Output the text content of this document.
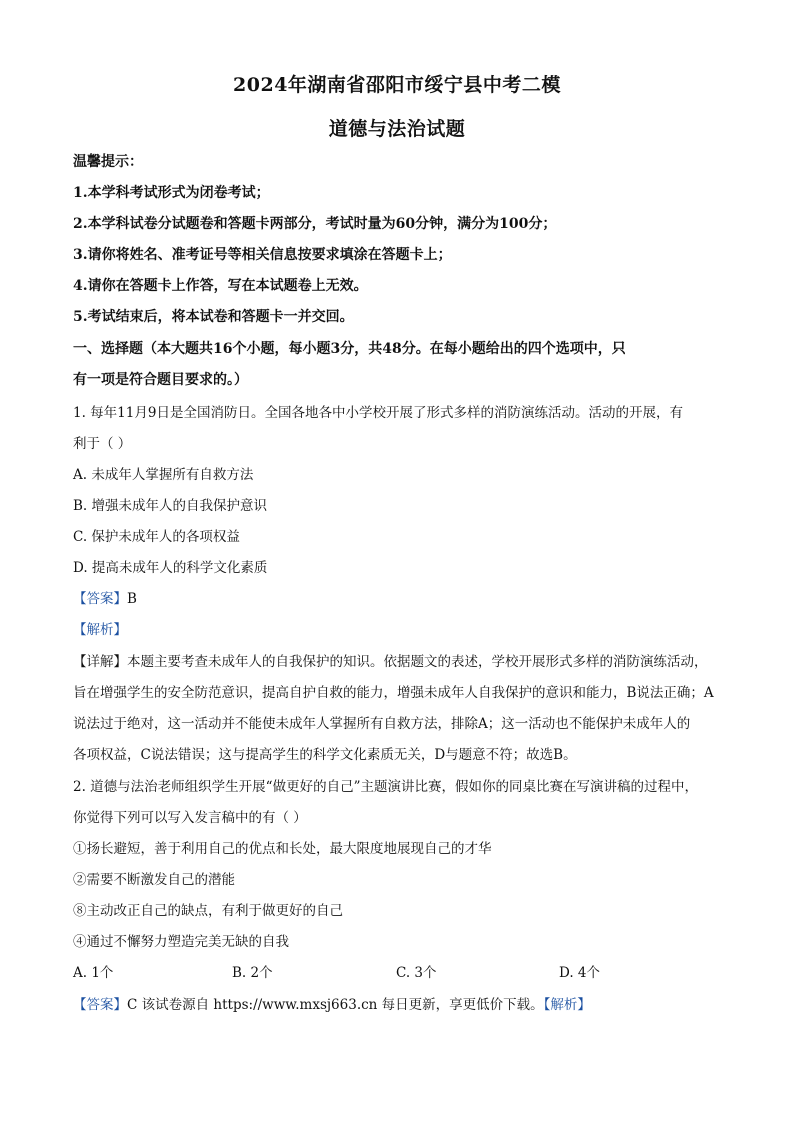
2024年湖南省邵阳市绥宁县中考二模
道德与法治试题
温馨提示：
1.本学科考试形式为闭卷考试；
2.本学科试卷分试题卷和答题卡两部分，考试时量为60分钟，满分为100分；
3.请你将姓名、准考证号等相关信息按要求填涂在答题卡上；
4.请你在答题卡上作答，写在本试题卷上无效。
5.考试结束后，将本试卷和答题卡一并交回。
一、选择题（本大题共16个小题，每小题3分，共48分。在每小题给出的四个选项中，只
有一项是符合题目要求的。）
1. 每年11月9日是全国消防日。全国各地各中小学校开展了形式多样的消防演练活动。活动的开展，有
利于（ ）
A. 未成年人掌握所有自救方法
B. 增强未成年人的自我保护意识
C. 保护未成年人的各项权益
D. 提高未成年人的科学文化素质
【答案】B
【解析】
【详解】本题主要考查未成年人的自我保护的知识。依据题文的表述，学校开展形式多样的消防演练活动，
旨在增强学生的安全防范意识，提高自护自救的能力，增强未成年人自我保护的意识和能力，B说法正确；A
说法过于绝对，这一活动并不能使未成年人掌握所有自救方法，排除A；这一活动也不能保护未成年人的
各项权益，C说法错误；这与提高学生的科学文化素质无关，D与题意不符；故选B。
2. 道德与法治老师组织学生开展“做更好的自己”主题演讲比赛，假如你的同桌比赛在写演讲稿的过程中，
你觉得下列可以写入发言稿中的有（ ）
①扬长避短，善于利用自己的优点和长处，最大限度地展现自己的才华
②需要不断激发自己的潜能
⑧主动改正自己的缺点，有利于做更好的自己
④通过不懈努力塑造完美无缺的自我
A. 1个	B. 2个	C. 3个	D. 4个
【答案】C 该试卷源自 https://www.mxsj663.cn 每日更新，享更低价下载。【解析】
